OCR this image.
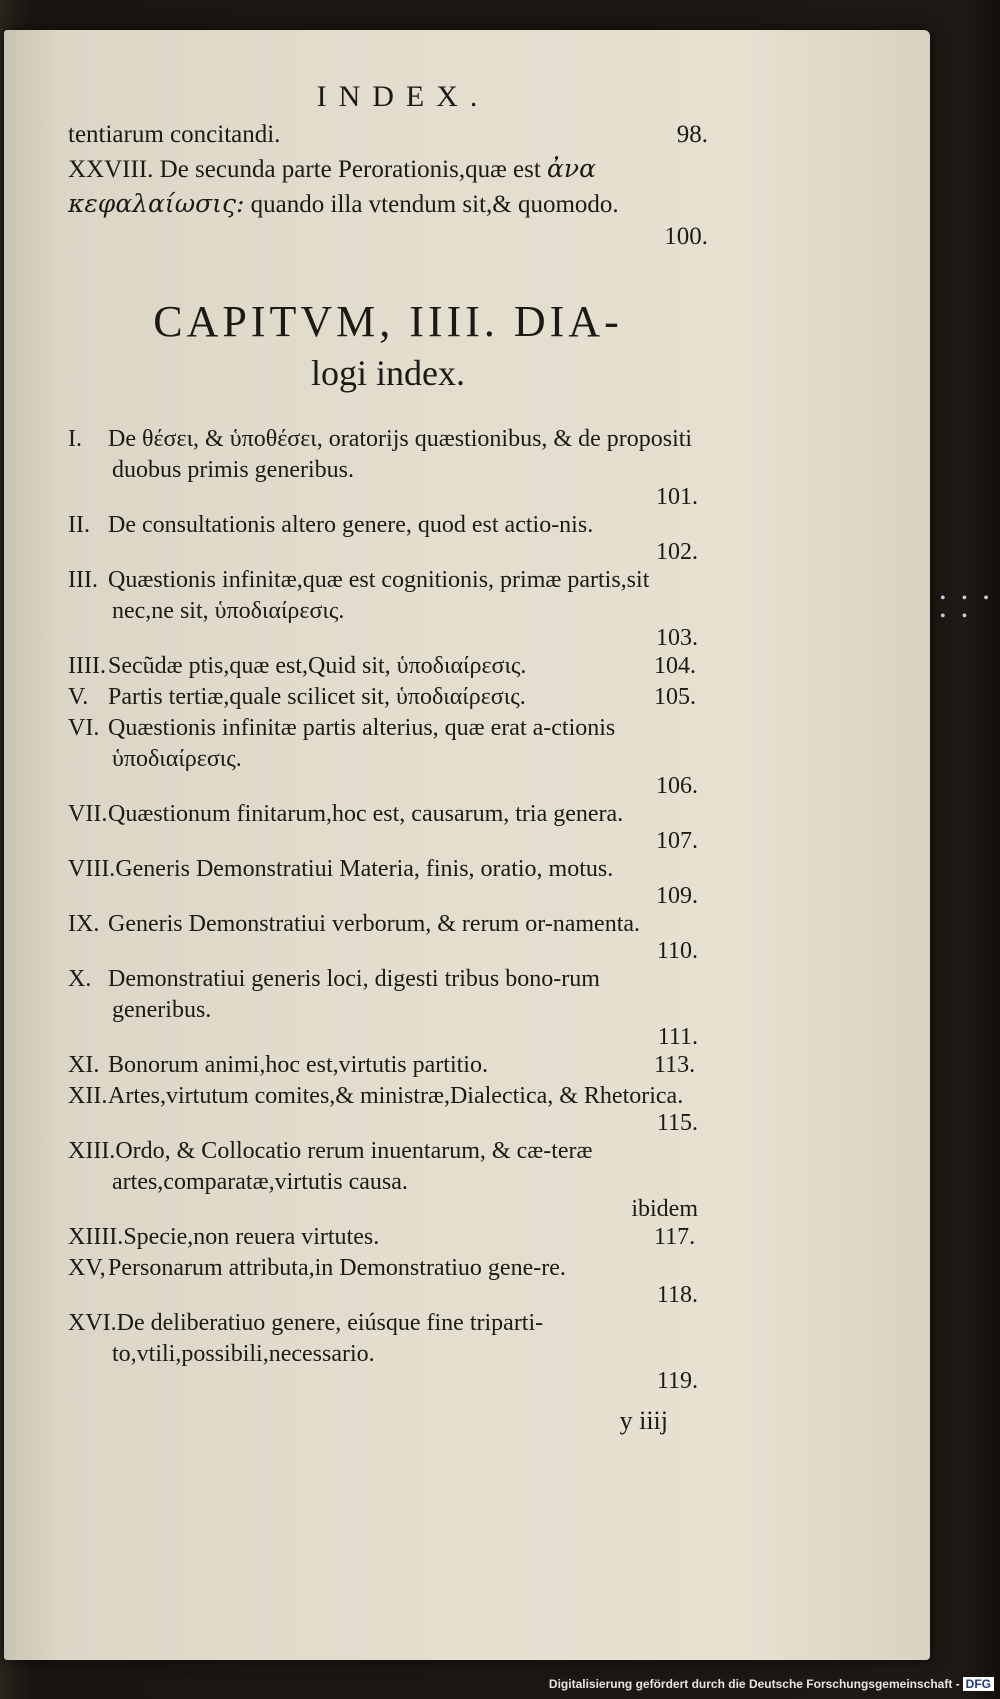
• • • • •
INDEX.
tentiarum concitandi.	98.
XXVIII. De secunda parte Perorationis,quæ est ἀνα
κεφαλαίωσις: quando illa vtendum sit,& quomodo.
100.
CAPITVM, IIII. DIA-
logi index.
I. De θέσει, & ὑποθέσει, oratorijs quæstionibus, & de propositi duobus primis generibus.
101.
II. De consultationis altero genere, quod est actio-nis.
102.
III. Quæstionis infinitæ,quæ est cognitionis, primæ partis,sit nec,ne sit, ὑποδιαίρεσις.
103.
IIII.Secũdæ ptis,quæ est,Quid sit, ὑποδιαίρεσις.	104.
V. Partis tertiæ,quale scilicet sit, ὑποδιαίρεσις.	105.
VI. Quæstionis infinitæ partis alterius, quæ erat a-ctionis ὑποδιαίρεσις.
106.
VII.Quæstionum finitarum,hoc est, causarum, tria genera.
107.
VIII.Generis Demonstratiui Materia, finis, oratio, motus.
109.
IX. Generis Demonstratiui verborum, & rerum or-namenta.
110.
X. Demonstratiui generis loci, digesti tribus bono-rum generibus.
111.
XI. Bonorum animi,hoc est,virtutis partitio.	113.
XII.Artes,virtutum comites,& ministræ,Dialectica, & Rhetorica.
115.
XIII.Ordo, & Collocatio rerum inuentarum, & cæ-teræ artes,comparatæ,virtutis causa.
ibidem
XIIII.Specie,non reuera virtutes.	117.
XV, Personarum attributa,in Demonstratiuo gene-re.
118.
XVI.De deliberatiuo genere, eiúsque fine triparti-to,vtili,possibili,necessario.
119.
y iiij
Digitalisierung gefördert durch die Deutsche Forschungsgemeinschaft - DFG
